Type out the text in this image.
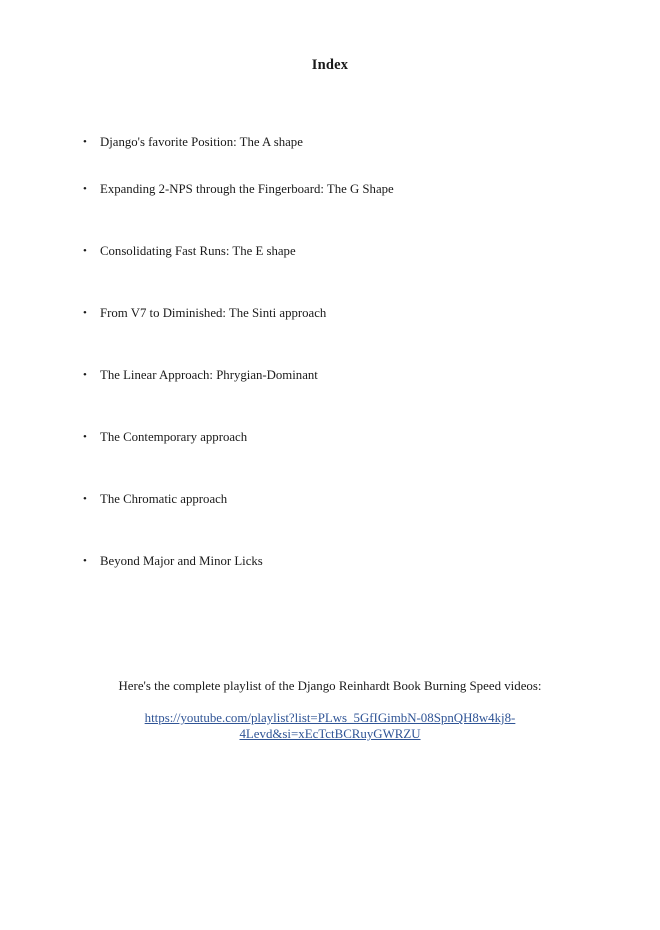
Index
•	Django's favorite Position: The A shape
•	Expanding 2-NPS through the Fingerboard: The G Shape
•	Consolidating Fast Runs: The E shape
•	From V7 to Diminished: The Sinti approach
•	The Linear Approach: Phrygian-Dominant
•	The Contemporary approach
•	The Chromatic approach
•	Beyond Major and Minor Licks
Here's the complete playlist of the Django Reinhardt Book Burning Speed videos:
https://youtube.com/playlist?list=PLws_5GfIGimbN-08SpnQH8w4kj8-
4Levd&si=xEcTctBCRuyGWRZU
